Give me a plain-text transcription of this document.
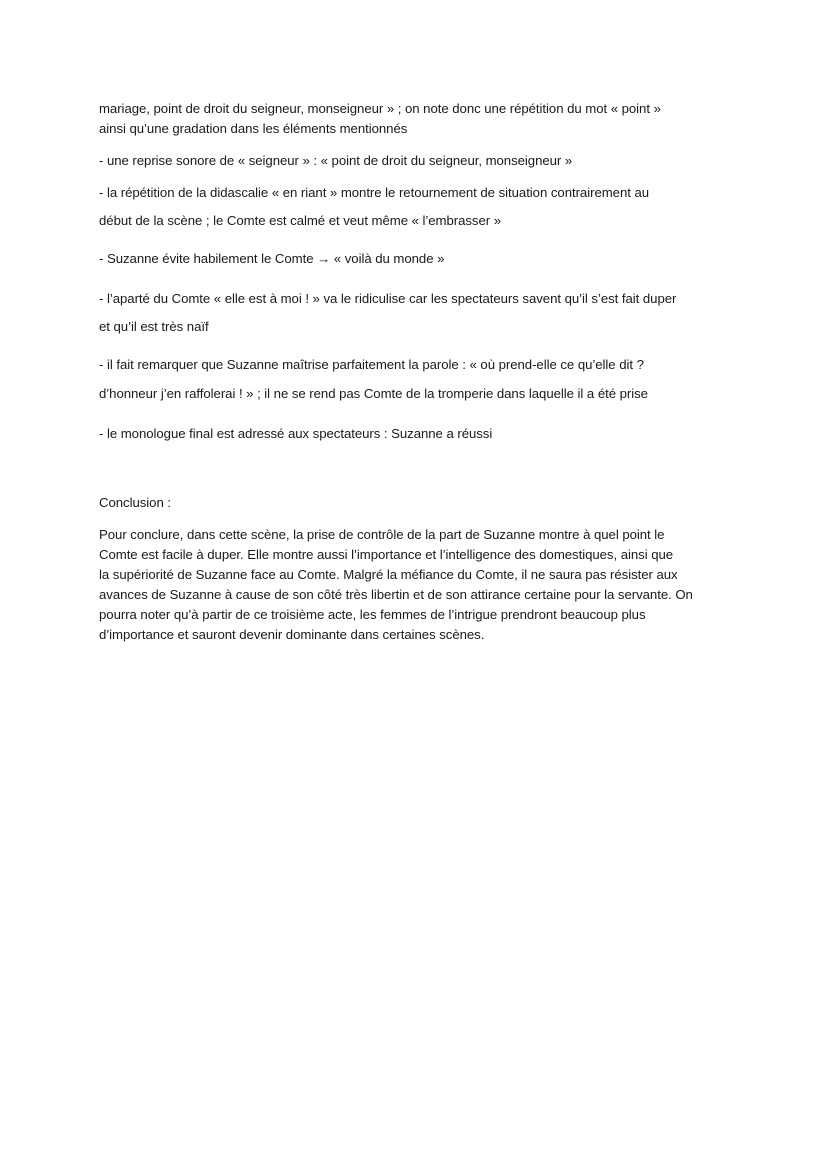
mariage, point de droit du seigneur, monseigneur » ; on note donc une répétition du mot « point »
ainsi qu’une gradation dans les éléments mentionnés
- une reprise sonore de « seigneur » : « point de droit du seigneur, monseigneur »
- la répétition de la didascalie « en riant » montre le retournement de situation contrairement au
début de la scène ; le Comte est calmé et veut même « l’embrasser »
- Suzanne évite habilement le Comte → « voilà du monde »
- l’aparté du Comte « elle est à moi ! » va le ridiculise car les spectateurs savent qu’il s’est fait duper
et qu’il est très naïf
- il fait remarquer que Suzanne maîtrise parfaitement la parole : « où prend-elle ce qu’elle dit ?
d’honneur j’en raffolerai ! » ; il ne se rend pas Comte de la tromperie dans laquelle il a été prise
- le monologue final est adressé aux spectateurs : Suzanne a réussi
Conclusion :
Pour conclure, dans cette scène, la prise de contrôle de la part de Suzanne montre à quel point le
Comte est facile à duper. Elle montre aussi l’importance et l’intelligence des domestiques, ainsi que
la supériorité de Suzanne face au Comte. Malgré la méfiance du Comte, il ne saura pas résister aux
avances de Suzanne à cause de son côté très libertin et de son attirance certaine pour la servante. On
pourra noter qu’à partir de ce troisième acte, les femmes de l’intrigue prendront beaucoup plus
d’importance et sauront devenir dominante dans certaines scènes.
